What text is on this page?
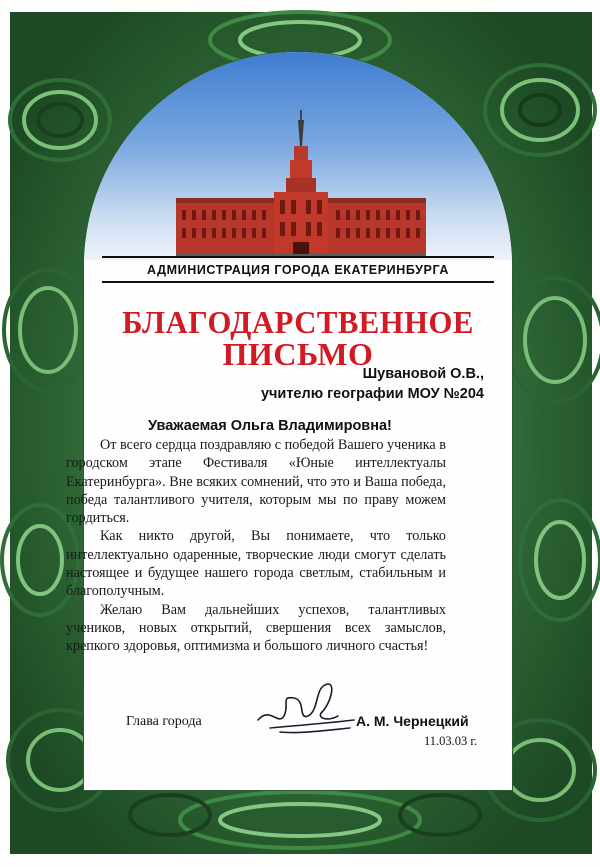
АДМИНИСТРАЦИЯ ГОРОДА ЕКАТЕРИНБУРГА
БЛАГОДАРСТВЕННОЕ
ПИСЬМО
Шувановой О.В.,
учителю географии МОУ №204
Уважаемая Ольга Владимировна!

От всего сердца поздравляю с победой Вашего ученика в городском этапе Фестиваля «Юные интеллектуалы Екатеринбурга». Вне всяких сомнений, что это и Ваша победа, победа талантливого учителя, которым мы по праву можем гордиться.

Как никто другой, Вы понимаете, что только интеллектуально одаренные, творческие люди смогут сделать настоящее и будущее нашего города светлым, стабильным и благополучным.

Желаю Вам дальнейших успехов, талантливых учеников, новых открытий, свершения всех замыслов, крепкого здоровья, оптимизма и большого личного счастья!

Глава города	А. М. Чернецкий
11.03.03 г.
